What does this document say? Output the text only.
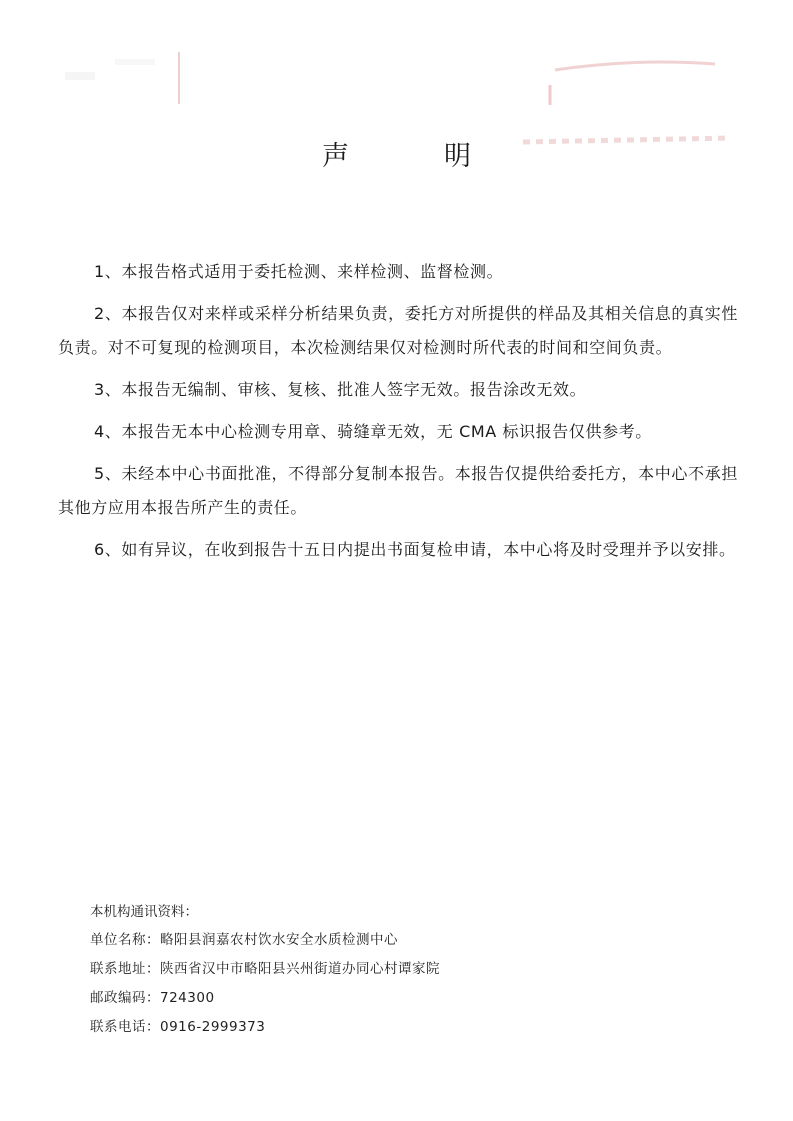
声　明

1、本报告格式适用于委托检测、来样检测、监督检测。

2、本报告仅对来样或采样分析结果负责，委托方对所提供的样品及其相关信息的真实性负责。对不可复现的检测项目，本次检测结果仅对检测时所代表的时间和空间负责。

3、本报告无编制、审核、复核、批准人签字无效。报告涂改无效。

4、本报告无本中心检测专用章、骑缝章无效，无 CMA 标识报告仅供参考。

5、未经本中心书面批准，不得部分复制本报告。本报告仅提供给委托方，本中心不承担其他方应用本报告所产生的责任。

6、如有异议，在收到报告十五日内提出书面复检申请，本中心将及时受理并予以安排。

本机构通讯资料：
单位名称：略阳县润嘉农村饮水安全水质检测中心
联系地址：陕西省汉中市略阳县兴州街道办同心村谭家院
邮政编码：724300
联系电话：0916-2999373
